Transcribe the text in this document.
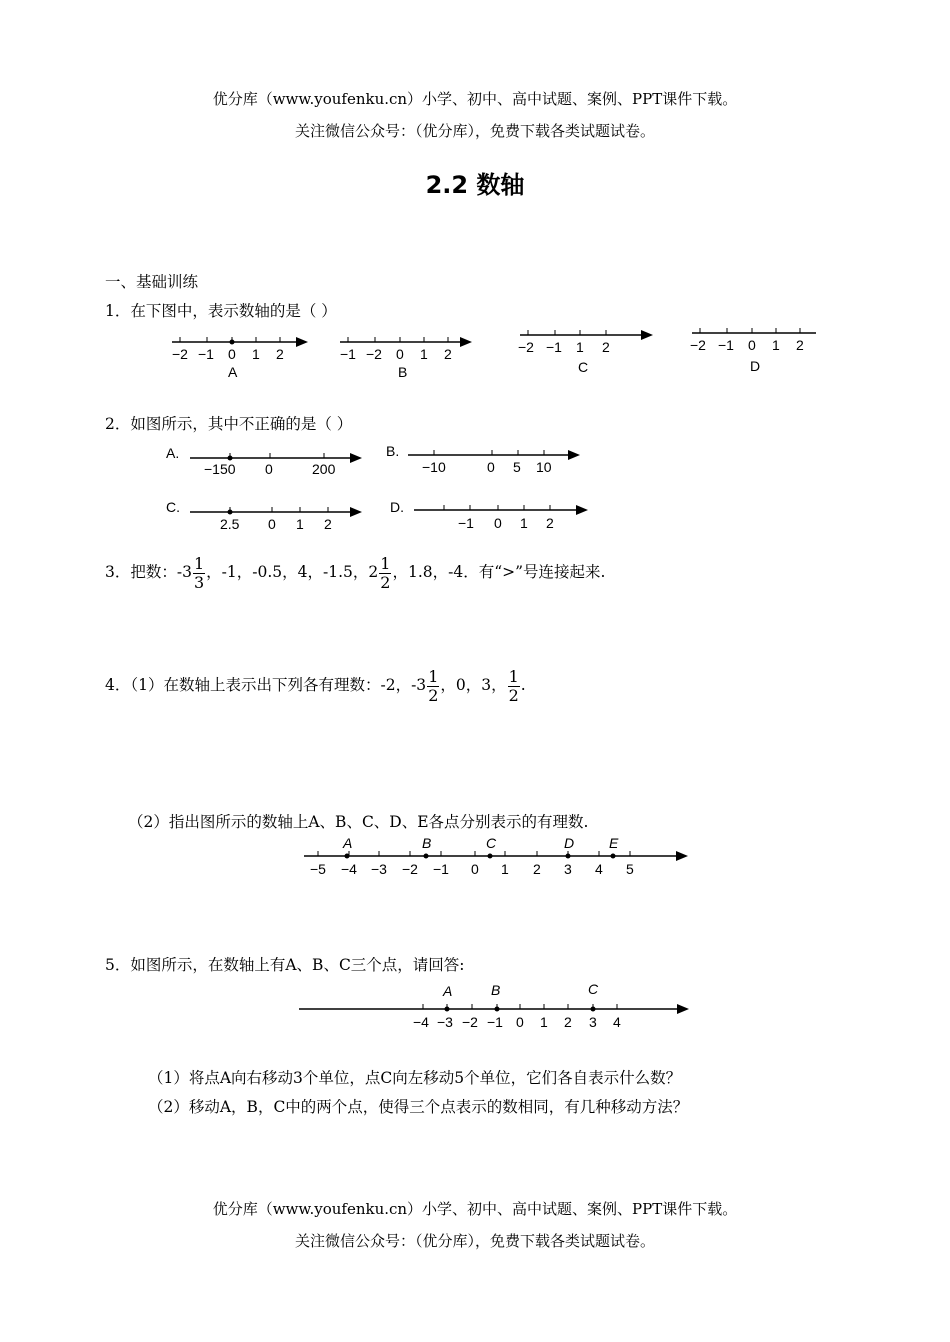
优分库（www.youfenku.cn）小学、初中、高中试题、案例、PPT课件下载。
关注微信公众号：（优分库），免费下载各类试题试卷。
2.2 数轴
一、基础训练
1．在下图中，表示数轴的是（ ）
−2 −1 0 1 2
A
−1 −2 0 1 2
B
−2 −1 1 2
C
−2 −1 0 1 2
D
2．如图所示，其中不正确的是（ ）
A.
−150 0	200
B.
−10	0 5 10
C.
2.5 0 1 2
D.
−1 0 1 2
3．把数：$-3 \frac{1}{3}$ ，-1，-0.5，4，-1.5，$2 \frac{1}{2}$ ，1.8，-4．有“>”号连接起来.
4．（1）在数轴上表示出下列各有理数：-2，$-3 \frac{1}{2}$ ，0，3， $\frac{1}{2}$ .
（2）指出图所示的数轴上A、B、C、D、E各点分别表示的有理数.
A	B	C	D E
−5 −4 −3 −2 −1 0 1 2 3 4 5
5．如图所示，在数轴上有A、B、C三个点，请回答:
A	B	C
−4 −3 −2 −1 0 1 2 3 4
（1）将点A向右移动3个单位，点C向左移动5个单位，它们各自表示什么数？
（2）移动A，B，C中的两个点，使得三个点表示的数相同，有几种移动方法？
优分库（www.youfenku.cn）小学、初中、高中试题、案例、PPT课件下载。
关注微信公众号：（优分库），免费下载各类试题试卷。
